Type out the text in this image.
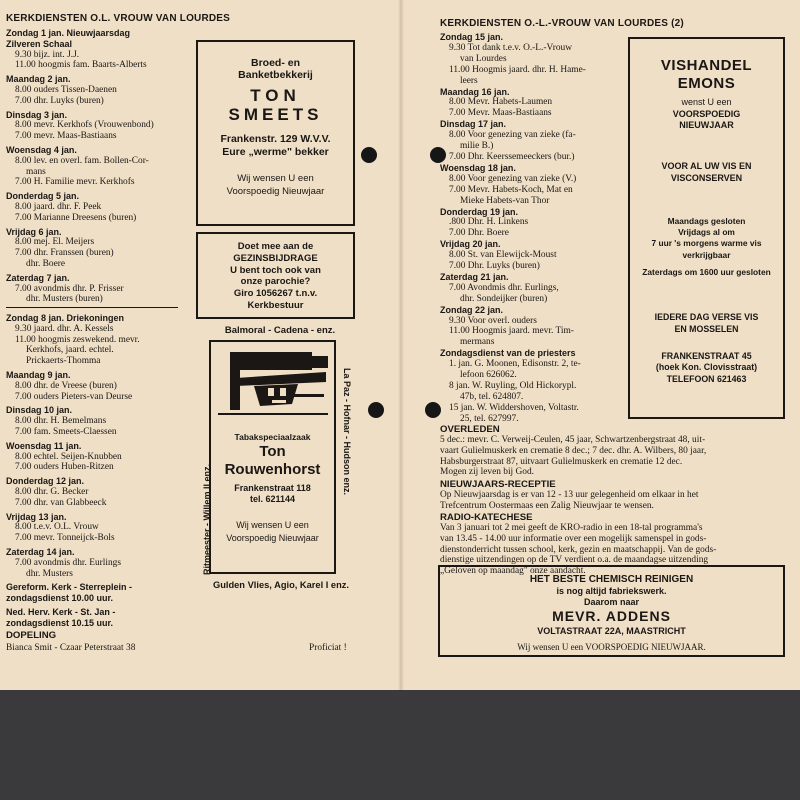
KERKDIENSTEN O.L. VROUW VAN LOURDES
Zondag 1 jan. Nieuwjaarsdag
Zilveren Schaal
9.30 bijz. int. J.J.
11.00 hoogmis fam. Baarts-Alberts
Maandag 2 jan.
8.00 ouders Tissen-Daenen
7.00 dhr. Luyks (buren)
Dinsdag 3 jan.
8.00 mevr. Kerkhofs (Vrouwenbond)
7.00 mevr. Maas-Bastiaans
Woensdag 4 jan.
8.00 lev. en overl. fam. Bollen-Cor-
mans
7.00 H. Familie mevr. Kerkhofs
Donderdag 5 jan.
8.00 jaard. dhr. F. Peek
7.00 Marianne Dreesens (buren)
Vrijdag 6 jan.
8.00 mej. El. Meijers
7.00 dhr. Franssen (buren)
dhr. Boere
Zaterdag 7 jan.
7.00 avondmis dhr. P. Frisser
dhr. Musters (buren)
Zondag 8 jan. Driekoningen
9.30 jaard. dhr. A. Kessels
11.00 hoogmis zeswekend. mevr.
Kerkhofs, jaard. echtel.
Prickaerts-Thomma
Maandag 9 jan.
8.00 dhr. de Vreese (buren)
7.00 ouders Pieters-van Deurse
Dinsdag 10 jan.
8.00 dhr. H. Bemelmans
7.00 fam. Smeets-Claessen
Woensdag 11 jan.
8.00 echtel. Seijen-Knubben
7.00 ouders Huben-Ritzen
Donderdag 12 jan.
8.00 dhr. G. Becker
7.00 dhr. van Glabbeeck
Vrijdag 13 jan.
8.00 t.e.v. O.L. Vrouw
7.00 mevr. Tonneijck-Bols
Zaterdag 14 jan.
7.00 avondmis dhr. Eurlings
dhr. Musters
Gereform. Kerk - Sterreplein -
zondagsdienst 10.00 uur.
Ned. Herv. Kerk - St. Jan -
zondagsdienst 10.15 uur.
DOPELING
Bianca Smit - Czaar Peterstraat 38	Proficiat !
Broed- en
Banketbekkerij
TON
SMEETS
Frankenstr. 129 W.V.V.
Eure „werme" bekker
Wij wensen U een
Voorspoedig Nieuwjaar
Doet mee aan de
GEZINSBIJDRAGE
U bent toch ook van
onze parochie?
Giro 1056267 t.n.v.
Kerkbestuur
Balmoral - Cadena - enz.
Ritmeester - Willem II enz.
La Paz - Hofnar - Hudson enz.
Tabakspeciaalzaak
Ton
Rouwenhorst
Frankenstraat 118
tel. 621144
Wij wensen U een
Voorspoedig Nieuwjaar
Gulden Vlies, Agio, Karel I enz.
KERKDIENSTEN O.-L.-VROUW VAN LOURDES (2)
Zondag 15 jan.
9.30 Tot dank t.e.v. O.-L.-Vrouw
van Lourdes
11.00 Hoogmis jaard. dhr. H. Hame-
leers
Maandag 16 jan.
8.00 Mevr. Habets-Laumen
7.00 Mevr. Maas-Bastiaans
Dinsdag 17 jan.
8.00 Voor genezing van zieke (fa-
milie B.)
7.00 Dhr. Keerssemeeckers (bur.)
Woensdag 18 jan.
8.00 Voor genezing van zieke (V.)
7.00 Mevr. Habets-Koch, Mat en
Mieke Habets-van Thor
Donderdag 19 jan.
.800 Dhr. H. Linkens
7.00 Dhr. Boere
Vrijdag 20 jan.
8.00 St. van Elewijck-Moust
7.00 Dhr. Luyks (buren)
Zaterdag 21 jan.
7.00 Avondmis dhr. Eurlings,
dhr. Sondeijker (buren)
Zondag 22 jan.
9.30 Voor overl. ouders
11.00 Hoogmis jaard. mevr. Tim-
mermans
Zondagsdienst van de priesters
1. jan. G. Moonen, Edisonstr. 2, te-
lefoon 626062.
8 jan. W. Ruyling, Old Hickorypl.
47b, tel. 624807.
15 jan. W. Widdershoven, Voltastr.
25, tel. 627997.
OVERLEDEN
5 dec.: mevr. C. Verweij-Ceulen, 45 jaar, Schwartzenbergstraat 48, uit-
vaart Gulielmuskerk en crematie 8 dec.; 7 dec. dhr. A. Wilbers, 80 jaar,
Habsburgerstraat 87, uitvaart Gulielmuskerk en crematie 12 dec.
Mogen zij leven bij God.
NIEUWJAARS-RECEPTIE
Op Nieuwjaarsdag is er van 12 - 13 uur gelegenheid om elkaar in het
Trefcentrum Oostermaas een Zalig Nieuwjaar te wensen.
RADIO-KATECHESE
Van 3 januari tot 2 mei geeft de KRO-radio in een 18-tal programma's
van 13.45 - 14.00 uur informatie over een mogelijk samenspel in gods-
dienstonderricht tussen school, kerk, gezin en maatschappij. Van de gods-
dienstige uitzendingen op de TV verdient o.a. de maandagse uitzending
„Geloven op maandag" onze aandacht.
VISHANDEL
EMONS
wenst U een
VOORSPOEDIG
NIEUWJAAR
VOOR AL UW VIS EN
VISCONSERVEN
Maandags gesloten
Vrijdags al om
7 uur 's morgens warme vis
verkrijgbaar
Zaterdags om 1600 uur gesloten
IEDERE DAG VERSE VIS
EN MOSSELEN
FRANKENSTRAAT 45
(hoek Kon. Clovisstraat)
TELEFOON 621463
HET BESTE CHEMISCH REINIGEN
is nog altijd fabriekswerk.
Daarom naar
MEVR. ADDENS
VOLTASTRAAT 22A, MAASTRICHT
Wij wensen U een VOORSPOEDIG NIEUWJAAR.
